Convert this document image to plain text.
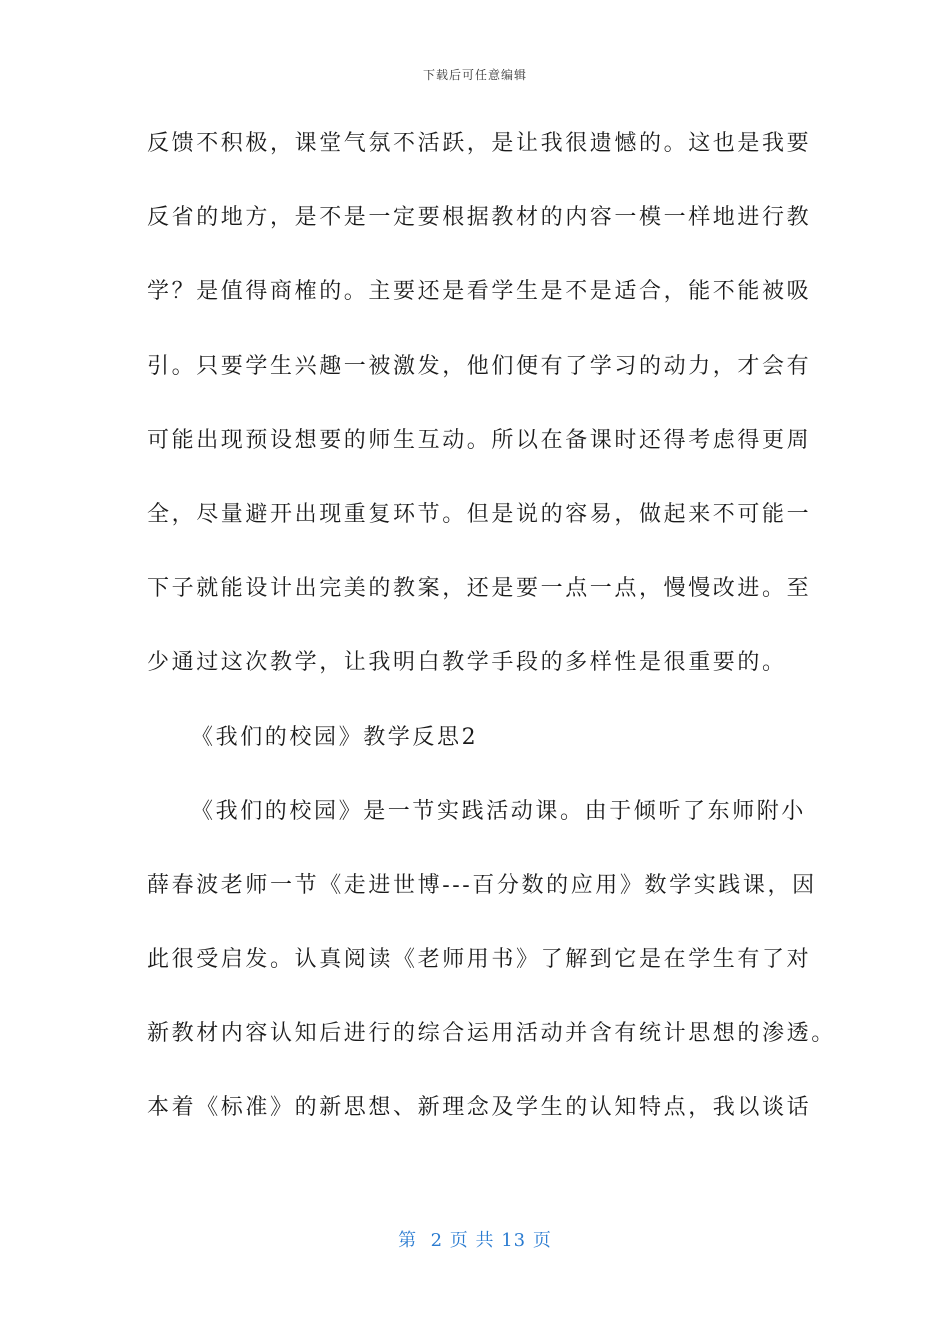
下载后可任意编辑
反馈不积极，课堂气氛不活跃，是让我很遗憾的。这也是我要
反省的地方，是不是一定要根据教材的内容一模一样地进行教
学？是值得商榷的。主要还是看学生是不是适合，能不能被吸
引。只要学生兴趣一被激发，他们便有了学习的动力，才会有
可能出现预设想要的师生互动。所以在备课时还得考虑得更周
全，尽量避开出现重复环节。但是说的容易，做起来不可能一
下子就能设计出完美的教案，还是要一点一点，慢慢改进。至
少通过这次教学，让我明白教学手段的多样性是很重要的。
《我们的校园》教学反思2
《我们的校园》是一节实践活动课。由于倾听了东师附小
薛春波老师一节《走进世博---百分数的应用》数学实践课，因
此很受启发。认真阅读《老师用书》了解到它是在学生有了对
新教材内容认知后进行的综合运用活动并含有统计思想的渗透。
本着《标准》的新思想、新理念及学生的认知特点，我以谈话
第  2 页 共 13 页
